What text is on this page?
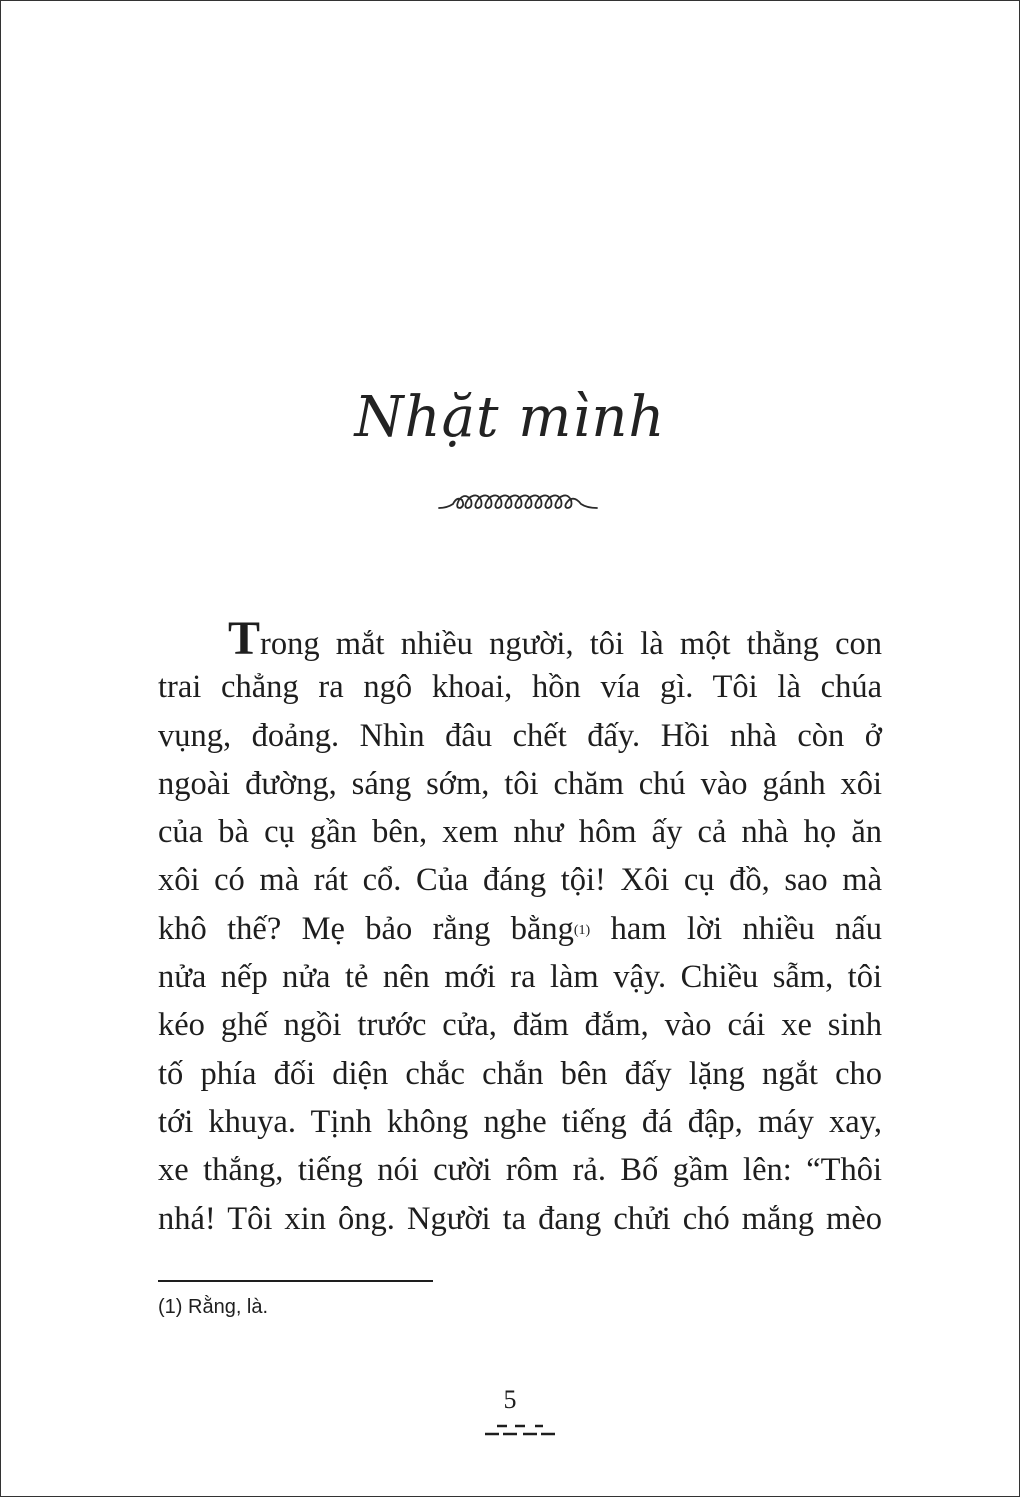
Nhặt mình
Trong mắt nhiều người, tôi là một thằng con
trai chẳng ra ngô khoai, hồn vía gì. Tôi là chúa
vụng, đoảng. Nhìn đâu chết đấy. Hồi nhà còn ở
ngoài đường, sáng sớm, tôi chăm chú vào gánh xôi
của bà cụ gần bên, xem như hôm ấy cả nhà họ ăn
xôi có mà rát cổ. Của đáng tội! Xôi cụ đồ, sao mà
khô thế? Mẹ bảo rằng bằng$^{(1)}$ ham lời nhiều nấu
nửa nếp nửa tẻ nên mới ra làm vậy. Chiều sẫm, tôi
kéo ghế ngồi trước cửa, đăm đắm, vào cái xe sinh
tố phía đối diện chắc chắn bên đấy lặng ngắt cho
tới khuya. Tịnh không nghe tiếng đá đập, máy xay,
xe thắng, tiếng nói cười rôm rả. Bố gầm lên: “Thôi
nhá! Tôi xin ông. Người ta đang chửi chó mắng mèo
(1) Rằng, là.
5
